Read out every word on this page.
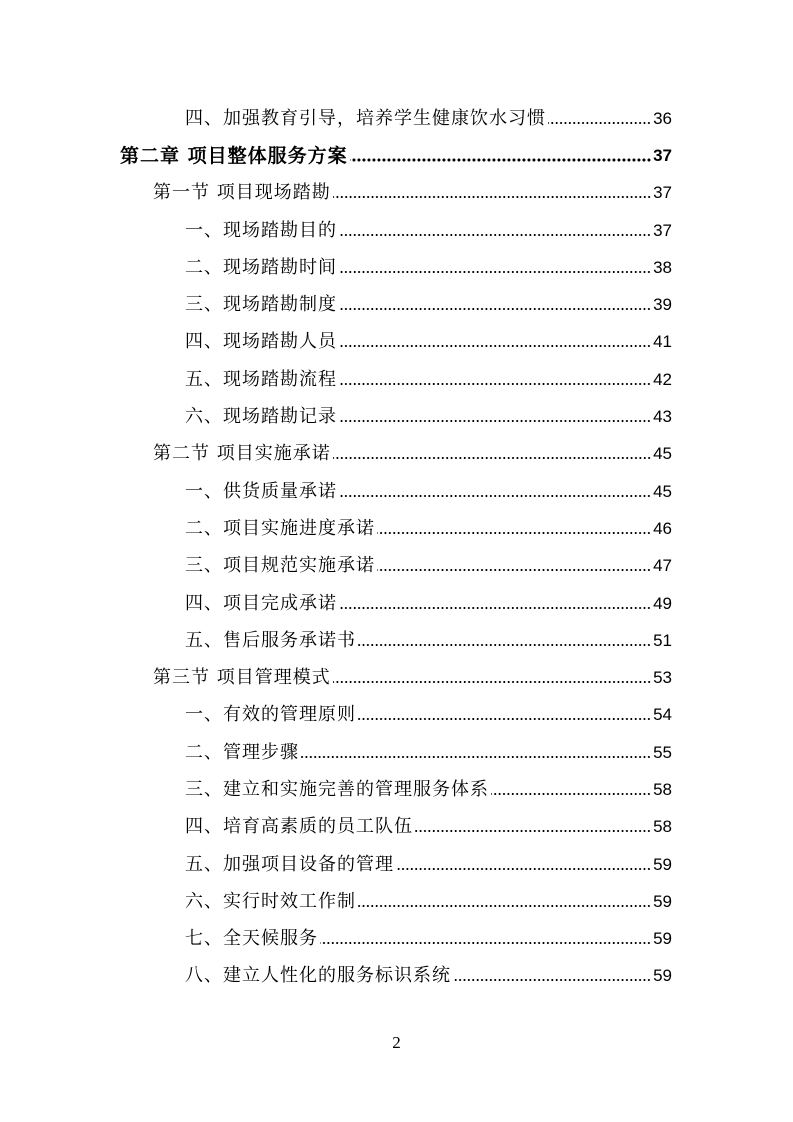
四、加强教育引导，培养学生健康饮水习惯	36
第二章 项目整体服务方案	37
第一节 项目现场踏勘	37
一、现场踏勘目的	37
二、现场踏勘时间	38
三、现场踏勘制度	39
四、现场踏勘人员	41
五、现场踏勘流程	42
六、现场踏勘记录	43
第二节 项目实施承诺	45
一、供货质量承诺	45
二、项目实施进度承诺	46
三、项目规范实施承诺	47
四、项目完成承诺	49
五、售后服务承诺书	51
第三节 项目管理模式	53
一、有效的管理原则	54
二、管理步骤	55
三、建立和实施完善的管理服务体系	58
四、培育高素质的员工队伍	58
五、加强项目设备的管理	59
六、实行时效工作制	59
七、全天候服务	59
八、建立人性化的服务标识系统	59
2
